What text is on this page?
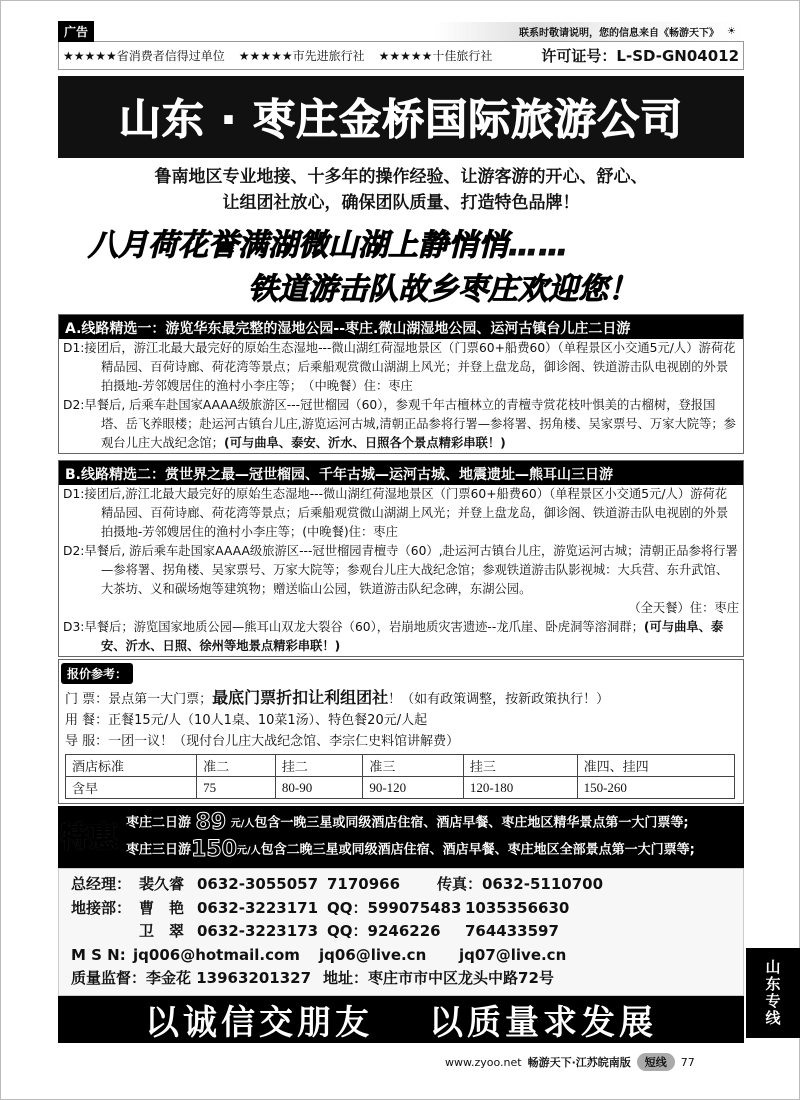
广告	联系时敬请说明，您的信息来自《畅游天下》 ☀
★★★★★省消费者信得过单位 ★★★★★市先进旅行社 ★★★★★十佳旅行社	许可证号：L-SD-GN04012
山东 · 枣庄金桥国际旅游公司
鲁南地区专业地接、十多年的操作经验、让游客游的开心、舒心、
让组团社放心，确保团队质量、打造特色品牌！
八月荷花誉满湖微山湖上静悄悄……
铁道游击队故乡枣庄欢迎您！
A.线路精选一：游览华东最完整的湿地公园--枣庄.微山湖湿地公园、运河古镇台儿庄二日游
D1:接团后，游江北最大最完好的原始生态湿地---微山湖红荷湿地景区（门票60+船费60）（单程景区小交通5元/人）游荷花精品园、百荷诗廊、荷花湾等景点；后乘船观赏微山湖湖上风光；并登上盘龙岛，御诊阁、铁道游击队电视剧的外景拍摄地-芳邻嫂居住的渔村小李庄等；　（中晚餐）住：枣庄
D2:早餐后, 后乘车赴国家AAAA级旅游区---冠世榴园（60），参观千年古檀林立的青檀寺赏花枝叶惧美的古榴树，登报国塔、岳飞养眼楼；赴运河古镇台儿庄,游览运河古城,清朝正品参将行署—参将署、拐角楼、吴家票号、万家大院等；参观台儿庄大战纪念馆；(可与曲阜、泰安、沂水、日照各个景点精彩串联！)
B.线路精选二：赏世界之最—冠世榴园、千年古城—运河古城、地震遗址—熊耳山三日游
D1:接团后,游江北最大最完好的原始生态湿地---微山湖红荷湿地景区（门票60+船费60）（单程景区小交通5元/人）游荷花精品园、百荷诗廊、荷花湾等景点；后乘船观赏微山湖湖上风光；并登上盘龙岛，御诊阁、铁道游击队电视剧的外景拍摄地-芳邻嫂居住的渔村小李庄等；(中晚餐)住：枣庄
D2:早餐后, 游后乘车赴国家AAAA级旅游区---冠世榴园青檀寺（60）,赴运河古镇台儿庄，游览运河古城；清朝正品参将行署—参将署、拐角楼、吴家票号、万家大院等；参观台儿庄大战纪念馆；参观铁道游击队影视城：大兵营、东升武馆、大茶坊、义和碳场炮等建筑物；赠送临山公园，铁道游击队纪念碑，东湖公园。
（全天餐）住：枣庄
D3:早餐后；游览国家地质公园—熊耳山双龙大裂谷（60），岩崩地质灾害遗迹--龙爪崖、卧虎洞等溶洞群；(可与曲阜、泰安、沂水、日照、徐州等地景点精彩串联！)
报价参考：
门 票：景点第一大门票；最底门票折扣让利组团社！（如有政策调整，按新政策执行！）
用 餐：正餐15元/人（10人1桌、10菜1汤）、特色餐20元/人起
导 服：一团一议！（现付台儿庄大战纪念馆、李宗仁史料馆讲解费）
酒店标准	准二	挂二	准三	挂三	准四、挂四
含早	75	80-90	90-120	120-180	150-260
特惠 枣庄二日游 89 元/人包含一晚三星或同级酒店住宿、酒店早餐、枣庄地区精华景点第一大门票等;
枣庄三日游150元/人包含二晚三星或同级酒店住宿、酒店早餐、枣庄地区全部景点第一大门票等;
总经理： 裴久睿 0632-3055057 7170966	传真：0632-5110700
地接部： 曹　艳 0632-3223171 QQ：599075483 1035356630
卫　翠 0632-3223173 QQ：9246226	764433597
M S N: jq006@hotmail.com	jq06@live.cn	jq07@live.cn
质量监督：李金花 13963201327 地址：枣庄市市中区龙头中路72号
以诚信交朋友 以质量求发展	山东专线
www.zyoo.net 畅游天下·江苏皖南版	短线	77
